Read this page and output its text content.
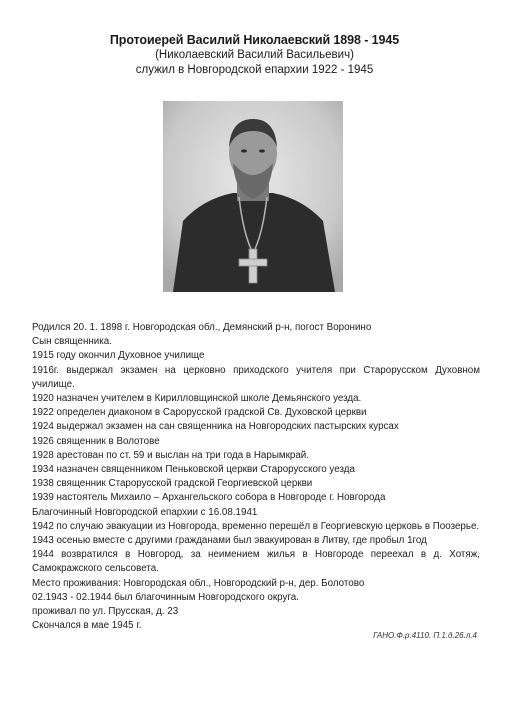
Протоиерей Василий Николаевский 1898 - 1945
(Николаевский Василий Васильевич)
служил в Новгородской епархии 1922 - 1945
Родился 20. 1. 1898 г. Новгородская обл., Демянский р-н, погост Воронино
Сын священника.
1915 году окончил Духовное училище
1916г. выдержал экзамен на церковно приходского учителя при Старорусском Духовном училище.
1920 назначен учителем в Кирилловщинской школе Демьянского уезда.
1922 определен диаконом в Сарорусской градской Св. Духовской церкви
1924 выдержал экзамен на сан священника на Новгородских пастырских курсах
1926 священник в Волотове
1928 арестован по ст. 59 и выслан на три года в Нарымкрай.
1934 назначен священником Пеньковской церкви Старорусского уезда
1938 священник Старорусской градской Георгиевской церкви
1939 настоятель Михаило – Архангельского собора в Новгороде г. Новгорода
Благочинный Новгородской епархии с 16.08.1941
1942 по случаю эвакуации из Новгорода, временно перешёл в Георгиевскую церковь в Поозерье.
1943 осенью вместе с другими гражданами был эвакуирован в Литву, где пробыл 1год
1944 возвратился в Новгород, за неимением жилья в Новгороде переехал в д. Хотяж, Самокражского сельсовета.
Место проживания: Новгородская обл., Новгородский р-н, дер. Болотово
02.1943 - 02.1944 был благочинным Новгородского округа.
проживал по ул. Прусская, д. 23
Скончался в мае 1945 г.
ГАНО.Ф.р.4110. П.1.д.26.л.4
